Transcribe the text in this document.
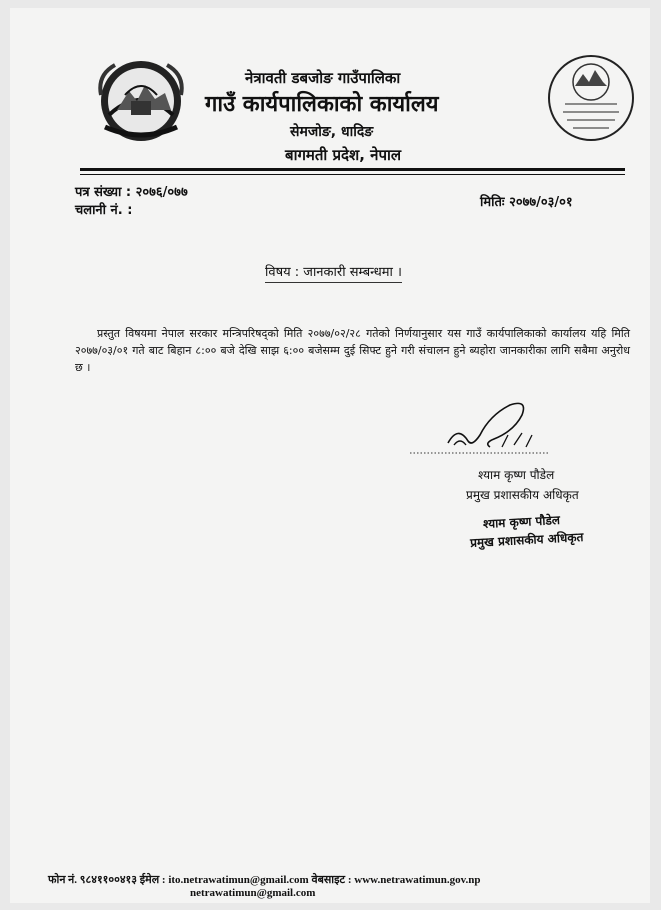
नेत्रावती डबजोङ गाउँपालिका
गाउँ कार्यपालिकाको कार्यालय
सेमजोङ, धादिङ
बागमती प्रदेश, नेपाल
पत्र संख्या : २०७६/०७७
चलानी नं. :
मितिः २०७७/०३/०१
विषय : जानकारी सम्बन्धमा ।
प्रस्तुत विषयमा नेपाल सरकार मन्त्रिपरिषद्को मिति २०७७/०२/२८ गतेको निर्णयानुसार यस गाउँ कार्यपालिकाको कार्यालय यहि मिति २०७७/०३/०१ गते बाट बिहान ८:०० बजे देखि साझ ६:०० बजेसम्म दुई सिफ्ट हुने गरी संचालन हुने ब्यहोरा जानकारीका लागि सबैमा अनुरोध छ ।
श्याम कृष्ण पौडेल
प्रमुख प्रशासकीय अधिकृत
श्याम कृष्ण पौडेल
प्रमुख प्रशासकीय अधिकृत
फोन नं. ९८४११००४१३ ईमेल : ito.netrawatimun@gmail.com वेबसाइट : www.netrawatimun.gov.np
netrawatimun@gmail.com
